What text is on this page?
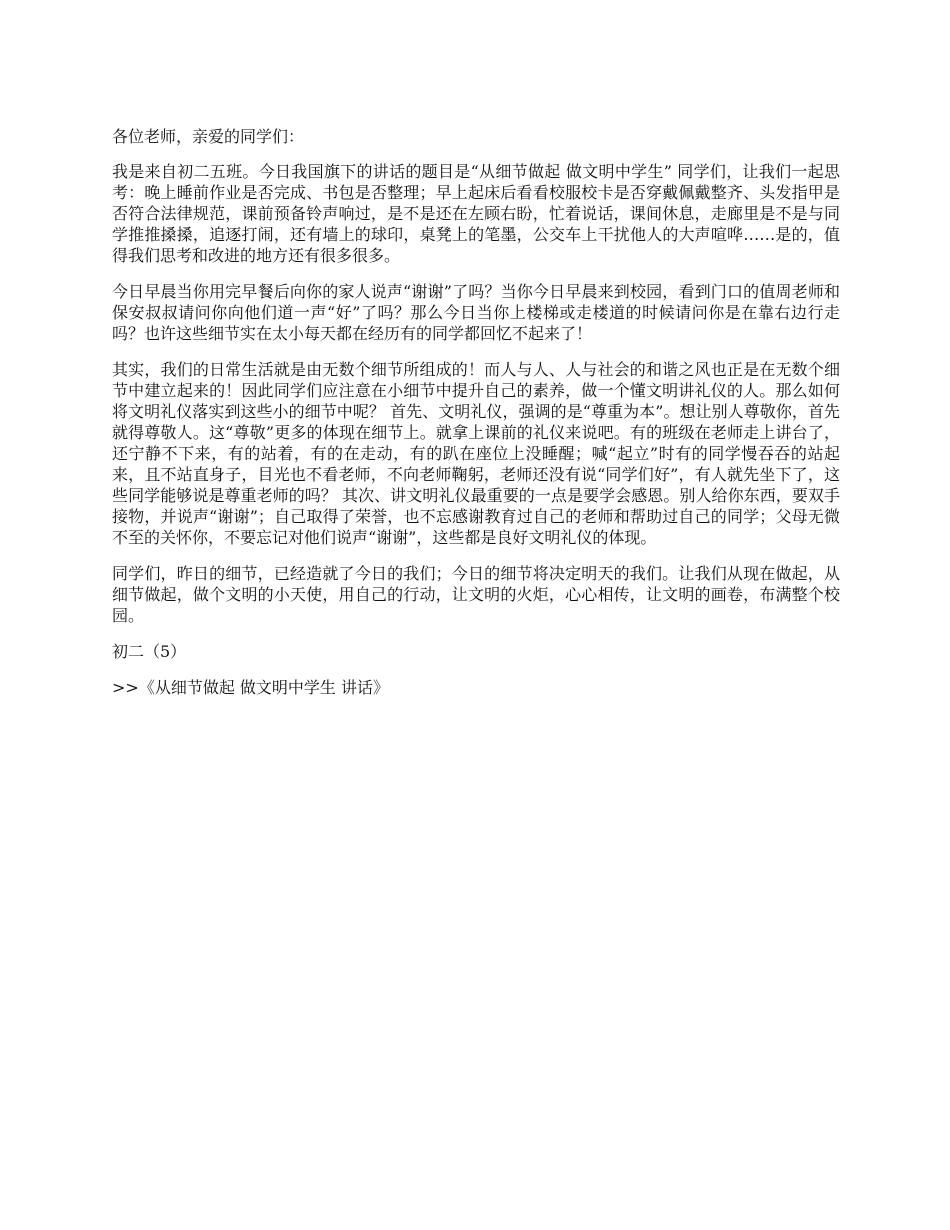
各位老师，亲爱的同学们：

我是来自初二五班。今日我国旗下的讲话的题目是“从细节做起 做文明中学生” 同学们，让我们一起思考：晚上睡前作业是否完成、书包是否整理；早上起床后看看校服校卡是否穿戴佩戴整齐、头发指甲是否符合法律规范，课前预备铃声响过，是不是还在左顾右盼，忙着说话，课间休息，走廊里是不是与同学推推搡搡，追逐打闹，还有墙上的球印，桌凳上的笔墨，公交车上干扰他人的大声喧哗……是的，值得我们思考和改进的地方还有很多很多。

今日早晨当你用完早餐后向你的家人说声“谢谢”了吗？当你今日早晨来到校园，看到门口的值周老师和保安叔叔请问你向他们道一声“好”了吗？那么今日当你上楼梯或走楼道的时候请问你是在靠右边行走吗？也许这些细节实在太小每天都在经历有的同学都回忆不起来了！

其实，我们的日常生活就是由无数个细节所组成的！而人与人、人与社会的和谐之风也正是在无数个细节中建立起来的！因此同学们应注意在小细节中提升自己的素养，做一个懂文明讲礼仪的人。那么如何将文明礼仪落实到这些小的细节中呢？ 首先、文明礼仪，强调的是“尊重为本”。想让别人尊敬你，首先就得尊敬人。这“尊敬”更多的体现在细节上。就拿上课前的礼仪来说吧。有的班级在老师走上讲台了，还宁静不下来，有的站着，有的在走动，有的趴在座位上没睡醒；喊“起立”时有的同学慢吞吞的站起来，且不站直身子，目光也不看老师，不向老师鞠躬，老师还没有说“同学们好”，有人就先坐下了，这些同学能够说是尊重老师的吗？ 其次、讲文明礼仪最重要的一点是要学会感恩。别人给你东西，要双手接物，并说声“谢谢”；自己取得了荣誉，也不忘感谢教育过自己的老师和帮助过自己的同学；父母无微不至的关怀你，不要忘记对他们说声“谢谢”，这些都是良好文明礼仪的体现。

同学们，昨日的细节，已经造就了今日的我们；今日的细节将决定明天的我们。让我们从现在做起，从细节做起，做个文明的小天使，用自己的行动，让文明的火炬，心心相传，让文明的画卷，布满整个校园。

初二（5）

>>《从细节做起 做文明中学生 讲话》
